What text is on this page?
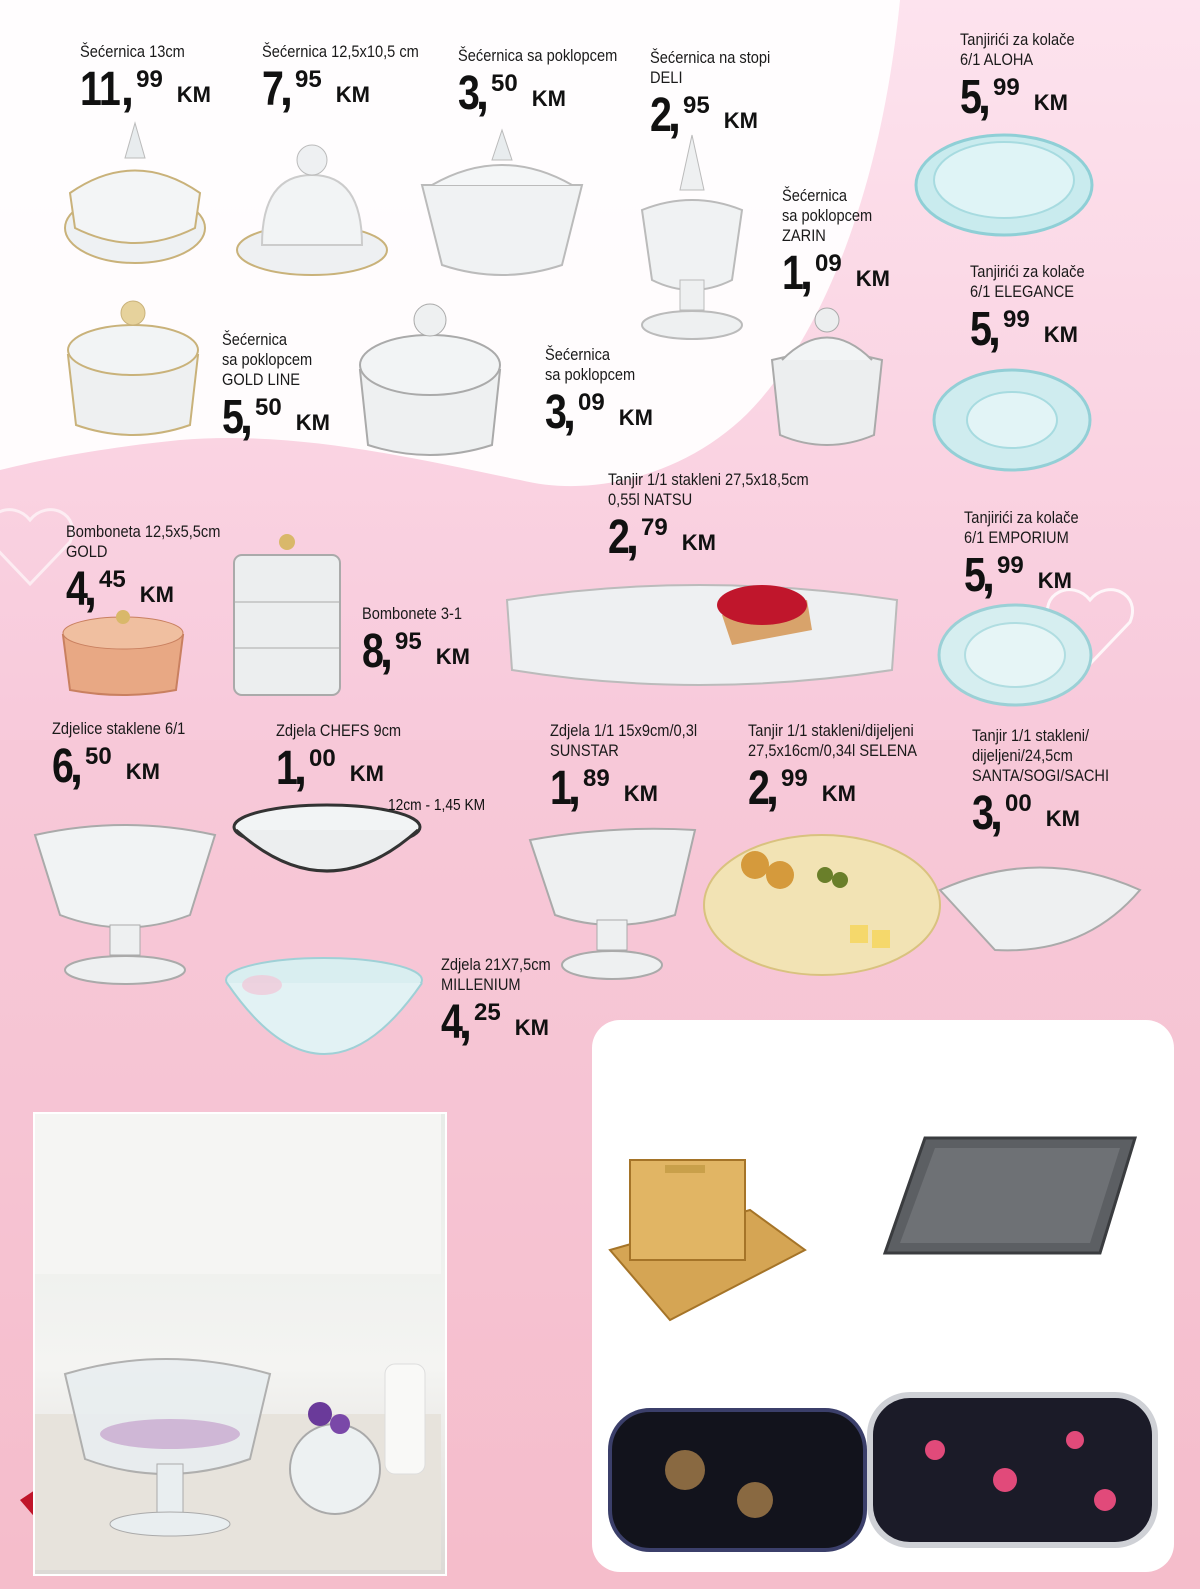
Šećernica 13cm
11 , 99
KM
Šećernica 12,5x10,5 cm
7
, 95
KM
Šećernica sa poklopcem
3
, 50
KM
Šećernica na stopi
DELI
2
, 95
KM
Tanjirići za kolače
6/1 ALOHA
5
, 99
KM
Šećernica
sa poklopcem
ZARIN
1
, 09
KM	Tanjirići za kolače
6/1 ELEGANCE
5
, 99
KM
Šećernica
sa poklopcem
GOLD LINE
5
, 50
KM
Šećernica
sa poklopcem
3
, 09
KM
Tanjir 1/1 stakleni 27,5x18,5cm
0,55l NATSU
2
, 79
KM
Tanjirići za kolače
6/1 EMPORIUM
5
, 99
KM
Bomboneta 12,5x5,5cm
GOLD
4
, 45
KM
Bombonete 3-1
8
, 95
KM
Zdjelice staklene 6/1
6
, 50
KM
Zdjela CHEFS 9cm
1
, 00
KM
Zdjela 1/1 15x9cm/0,3l
SUNSTAR
1
, 89
KM
Tanjir 1/1 stakleni/dijeljeni
27,5x16cm/0,34l SELENA
2
, 99
KM
Tanjir 1/1 stakleni/
dijeljeni/24,5cm
SANTA/SOGI/SACHI
3
, 00
KM
Zdjela 21X7,5cm
MILLENIUM
4
, 25
KM
12cm - 1,45 KM
